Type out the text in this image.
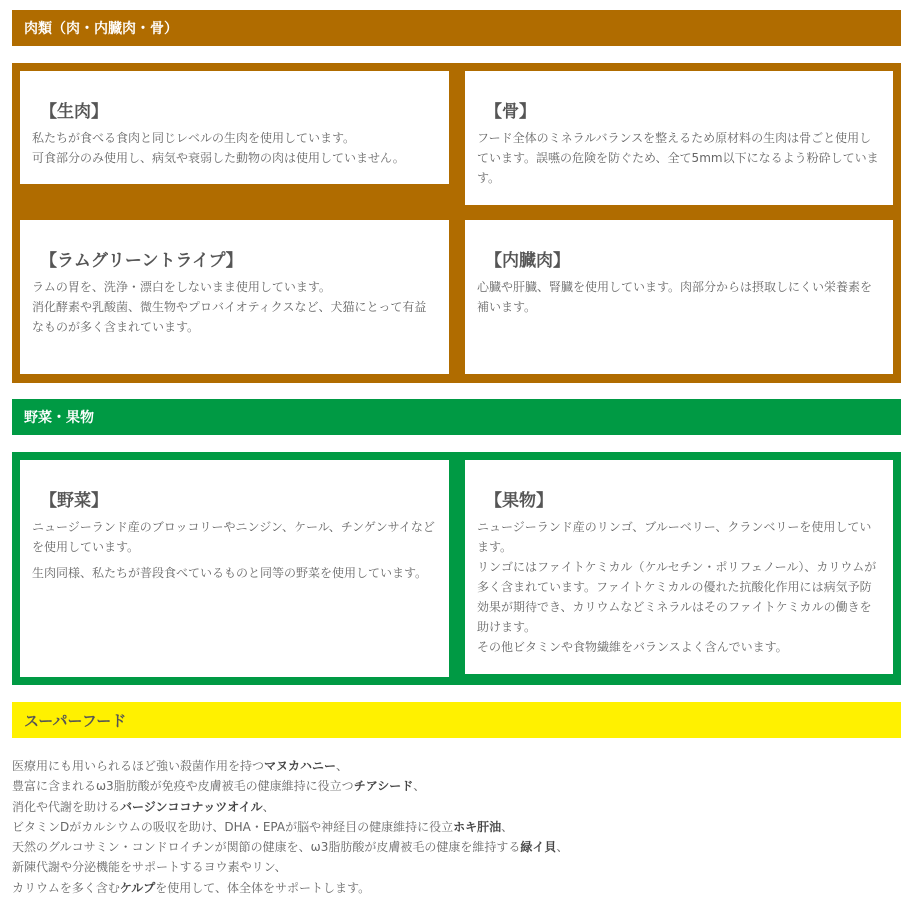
肉類（肉・内臓肉・骨）
【生肉】

私たちが食べる食肉と同じレベルの生肉を使用しています。
可食部分のみ使用し、病気や衰弱した動物の肉は使用していません。

【骨】

フード全体のミネラルバランスを整えるため原材料の生肉は骨ごと使用しています。誤嚥の危険を防ぐため、全て5mm以下になるよう粉砕しています。

【ラムグリーントライプ】

ラムの胃を、洗浄・漂白をしないまま使用しています。
消化酵素や乳酸菌、微生物やプロバイオティクスなど、犬猫にとって有益なものが多く含まれています。

【内臓肉】

心臓や肝臓、腎臓を使用しています。肉部分からは摂取しにくい栄養素を補います。

野菜・果物
【野菜】

ニュージーランド産のブロッコリーやニンジン、ケール、チンゲンサイなどを使用しています。

生肉同様、私たちが普段食べているものと同等の野菜を使用しています。

【果物】

ニュージーランド産のリンゴ、ブルーベリー、クランベリーを使用しています。
リンゴにはファイトケミカル（ケルセチン・ポリフェノール）、カリウムが多く含まれています。ファイトケミカルの優れた抗酸化作用には病気予防効果が期待でき、カリウムなどミネラルはそのファイトケミカルの働きを助けます。
その他ビタミンや食物繊維をバランスよく含んでいます。

スーパーフード
医療用にも用いられるほど強い殺菌作用を持つマヌカハニー、
豊富に含まれるω3脂肪酸が免疫や皮膚被毛の健康維持に役立つチアシード、
消化や代謝を助けるバージンココナッツオイル、
ビタミンDがカルシウムの吸収を助け、DHA・EPAが脳や神経目の健康維持に役立ホキ肝油、
天然のグルコサミン・コンドロイチンが関節の健康を、ω3脂肪酸が皮膚被毛の健康を維持する緑イ貝、
新陳代謝や分泌機能をサポートするヨウ素やリン、
カリウムを多く含むケルプを使用して、体全体をサポートします。
